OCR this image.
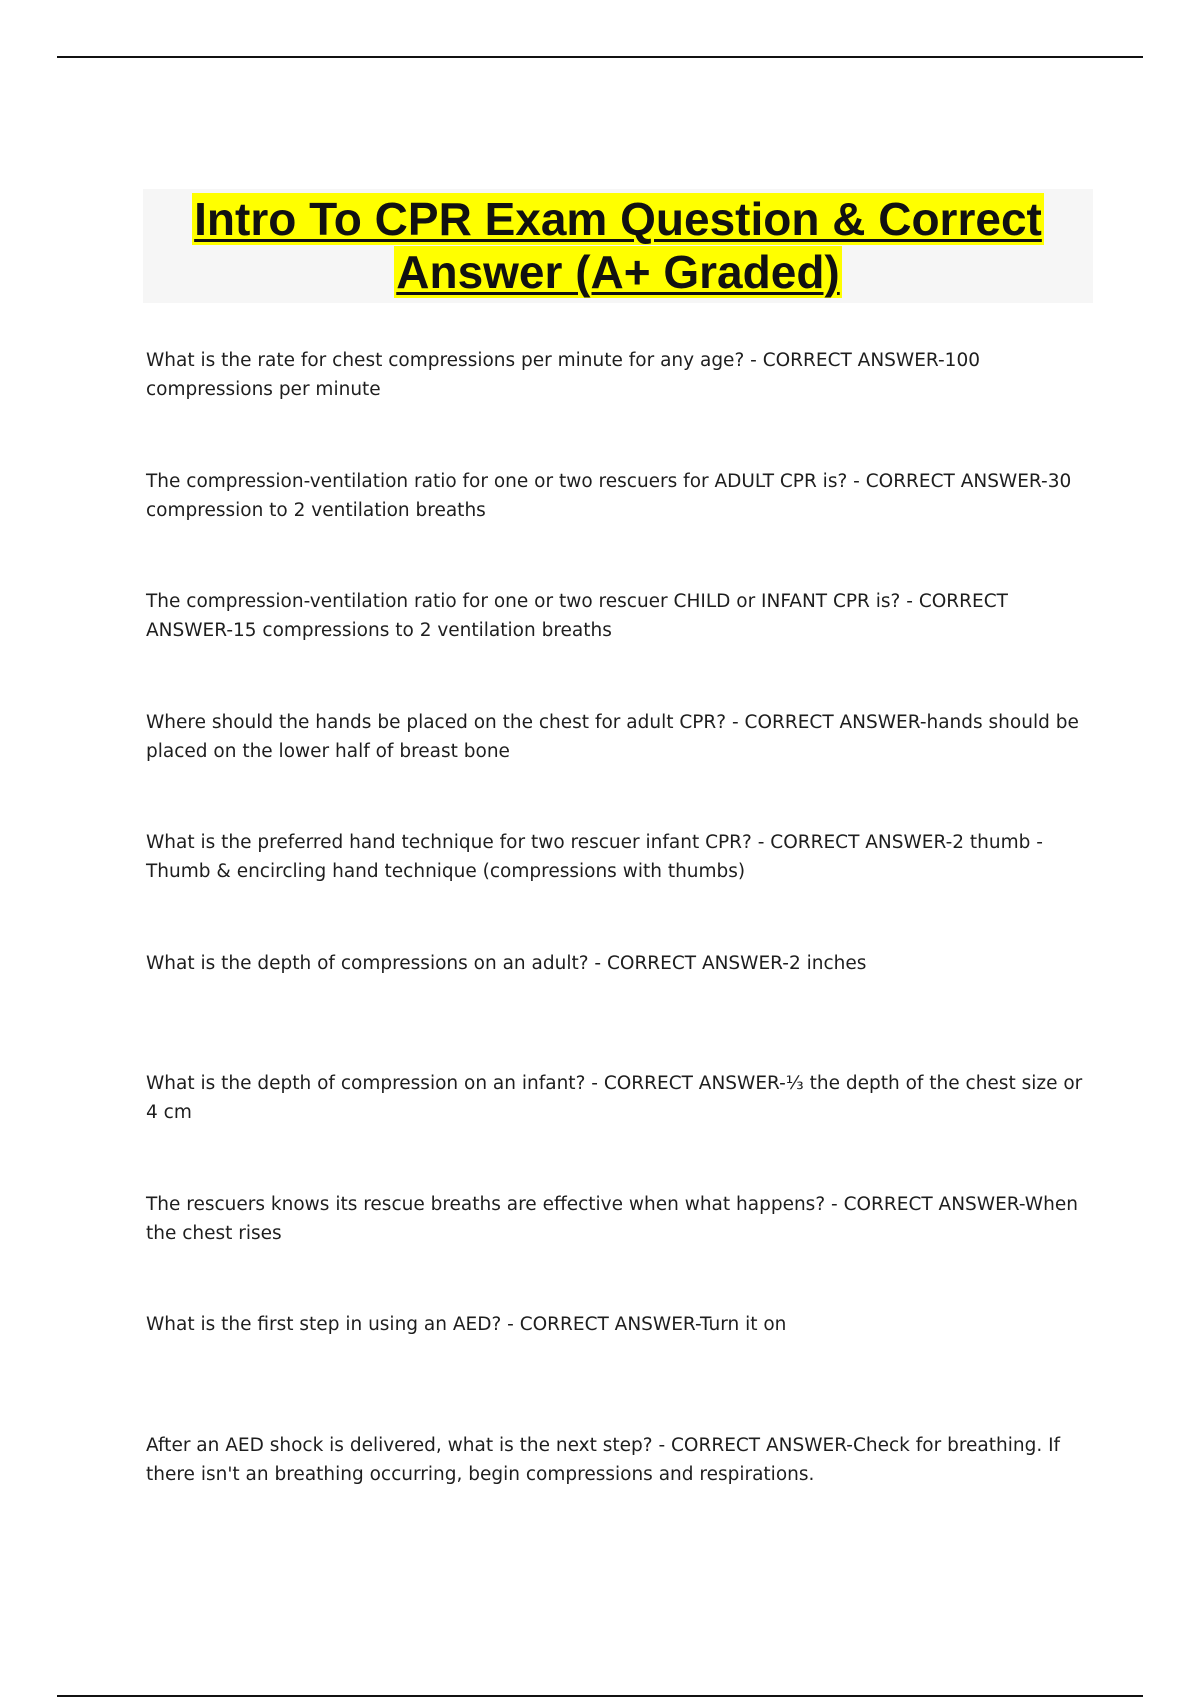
Intro To CPR Exam Question & Correct
Answer (A+ Graded)

What is the rate for chest compressions per minute for any age? - CORRECT ANSWER-100 compressions per minute

The compression-ventilation ratio for one or two rescuers for ADULT CPR is? - CORRECT ANSWER-30 compression to 2 ventilation breaths

The compression-ventilation ratio for one or two rescuer CHILD or INFANT CPR is? - CORRECT ANSWER-15 compressions to 2 ventilation breaths

Where should the hands be placed on the chest for adult CPR? - CORRECT ANSWER-hands should be placed on the lower half of breast bone

What is the preferred hand technique for two rescuer infant CPR? - CORRECT ANSWER-2 thumb - Thumb & encircling hand technique (compressions with thumbs)

What is the depth of compressions on an adult? - CORRECT ANSWER-2 inches

What is the depth of compression on an infant? - CORRECT ANSWER-⅓ the depth of the chest size or 4 cm

The rescuers knows its rescue breaths are effective when what happens? - CORRECT ANSWER-When the chest rises

What is the first step in using an AED? - CORRECT ANSWER-Turn it on

After an AED shock is delivered, what is the next step? - CORRECT ANSWER-Check for breathing. If there isn't an breathing occurring, begin compressions and respirations.
